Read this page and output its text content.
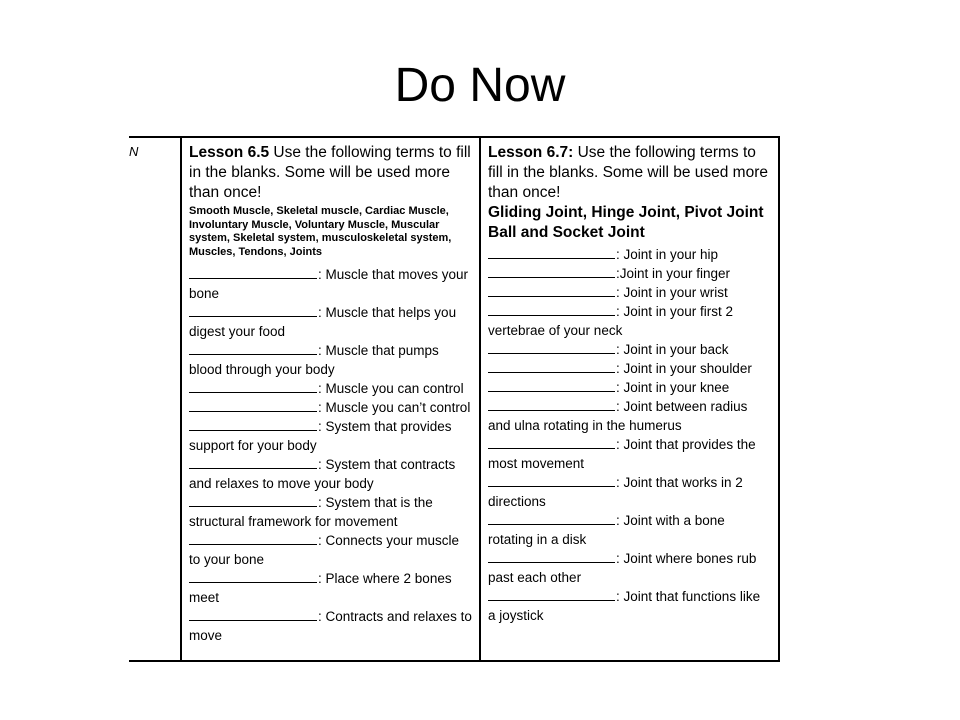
Do Now
N	Lesson 6.5 Use the following terms to fill in the blanks. Some will be used more than once!

Smooth Muscle, Skeletal muscle, Cardiac Muscle, Involuntary Muscle, Voluntary Muscle, Muscular system, Skeletal system, musculoskeletal system, Muscles, Tendons, Joints

: Muscle that moves your bone
: Muscle that helps you digest your food
: Muscle that pumps blood through your body
: Muscle you can control
: Muscle you can’t control
: System that provides support for your body
: System that contracts and relaxes to move your body
: System that is the structural framework for movement
: Connects your muscle to your bone
: Place where 2 bones meet
: Contracts and relaxes to move

Lesson 6.7: Use the following terms to fill in the blanks. Some will be used more than once!

Gliding Joint, Hinge Joint, Pivot Joint Ball and Socket Joint

: Joint in your hip
:Joint in your finger
: Joint in your wrist
: Joint in your first 2 vertebrae of your neck
: Joint in your back
: Joint in your shoulder
: Joint in your knee
: Joint between radius and ulna rotating in the humerus
: Joint that provides the most movement
: Joint that works in 2 directions
: Joint with a bone rotating in a disk
: Joint where bones rub past each other
: Joint that functions like a joystick
